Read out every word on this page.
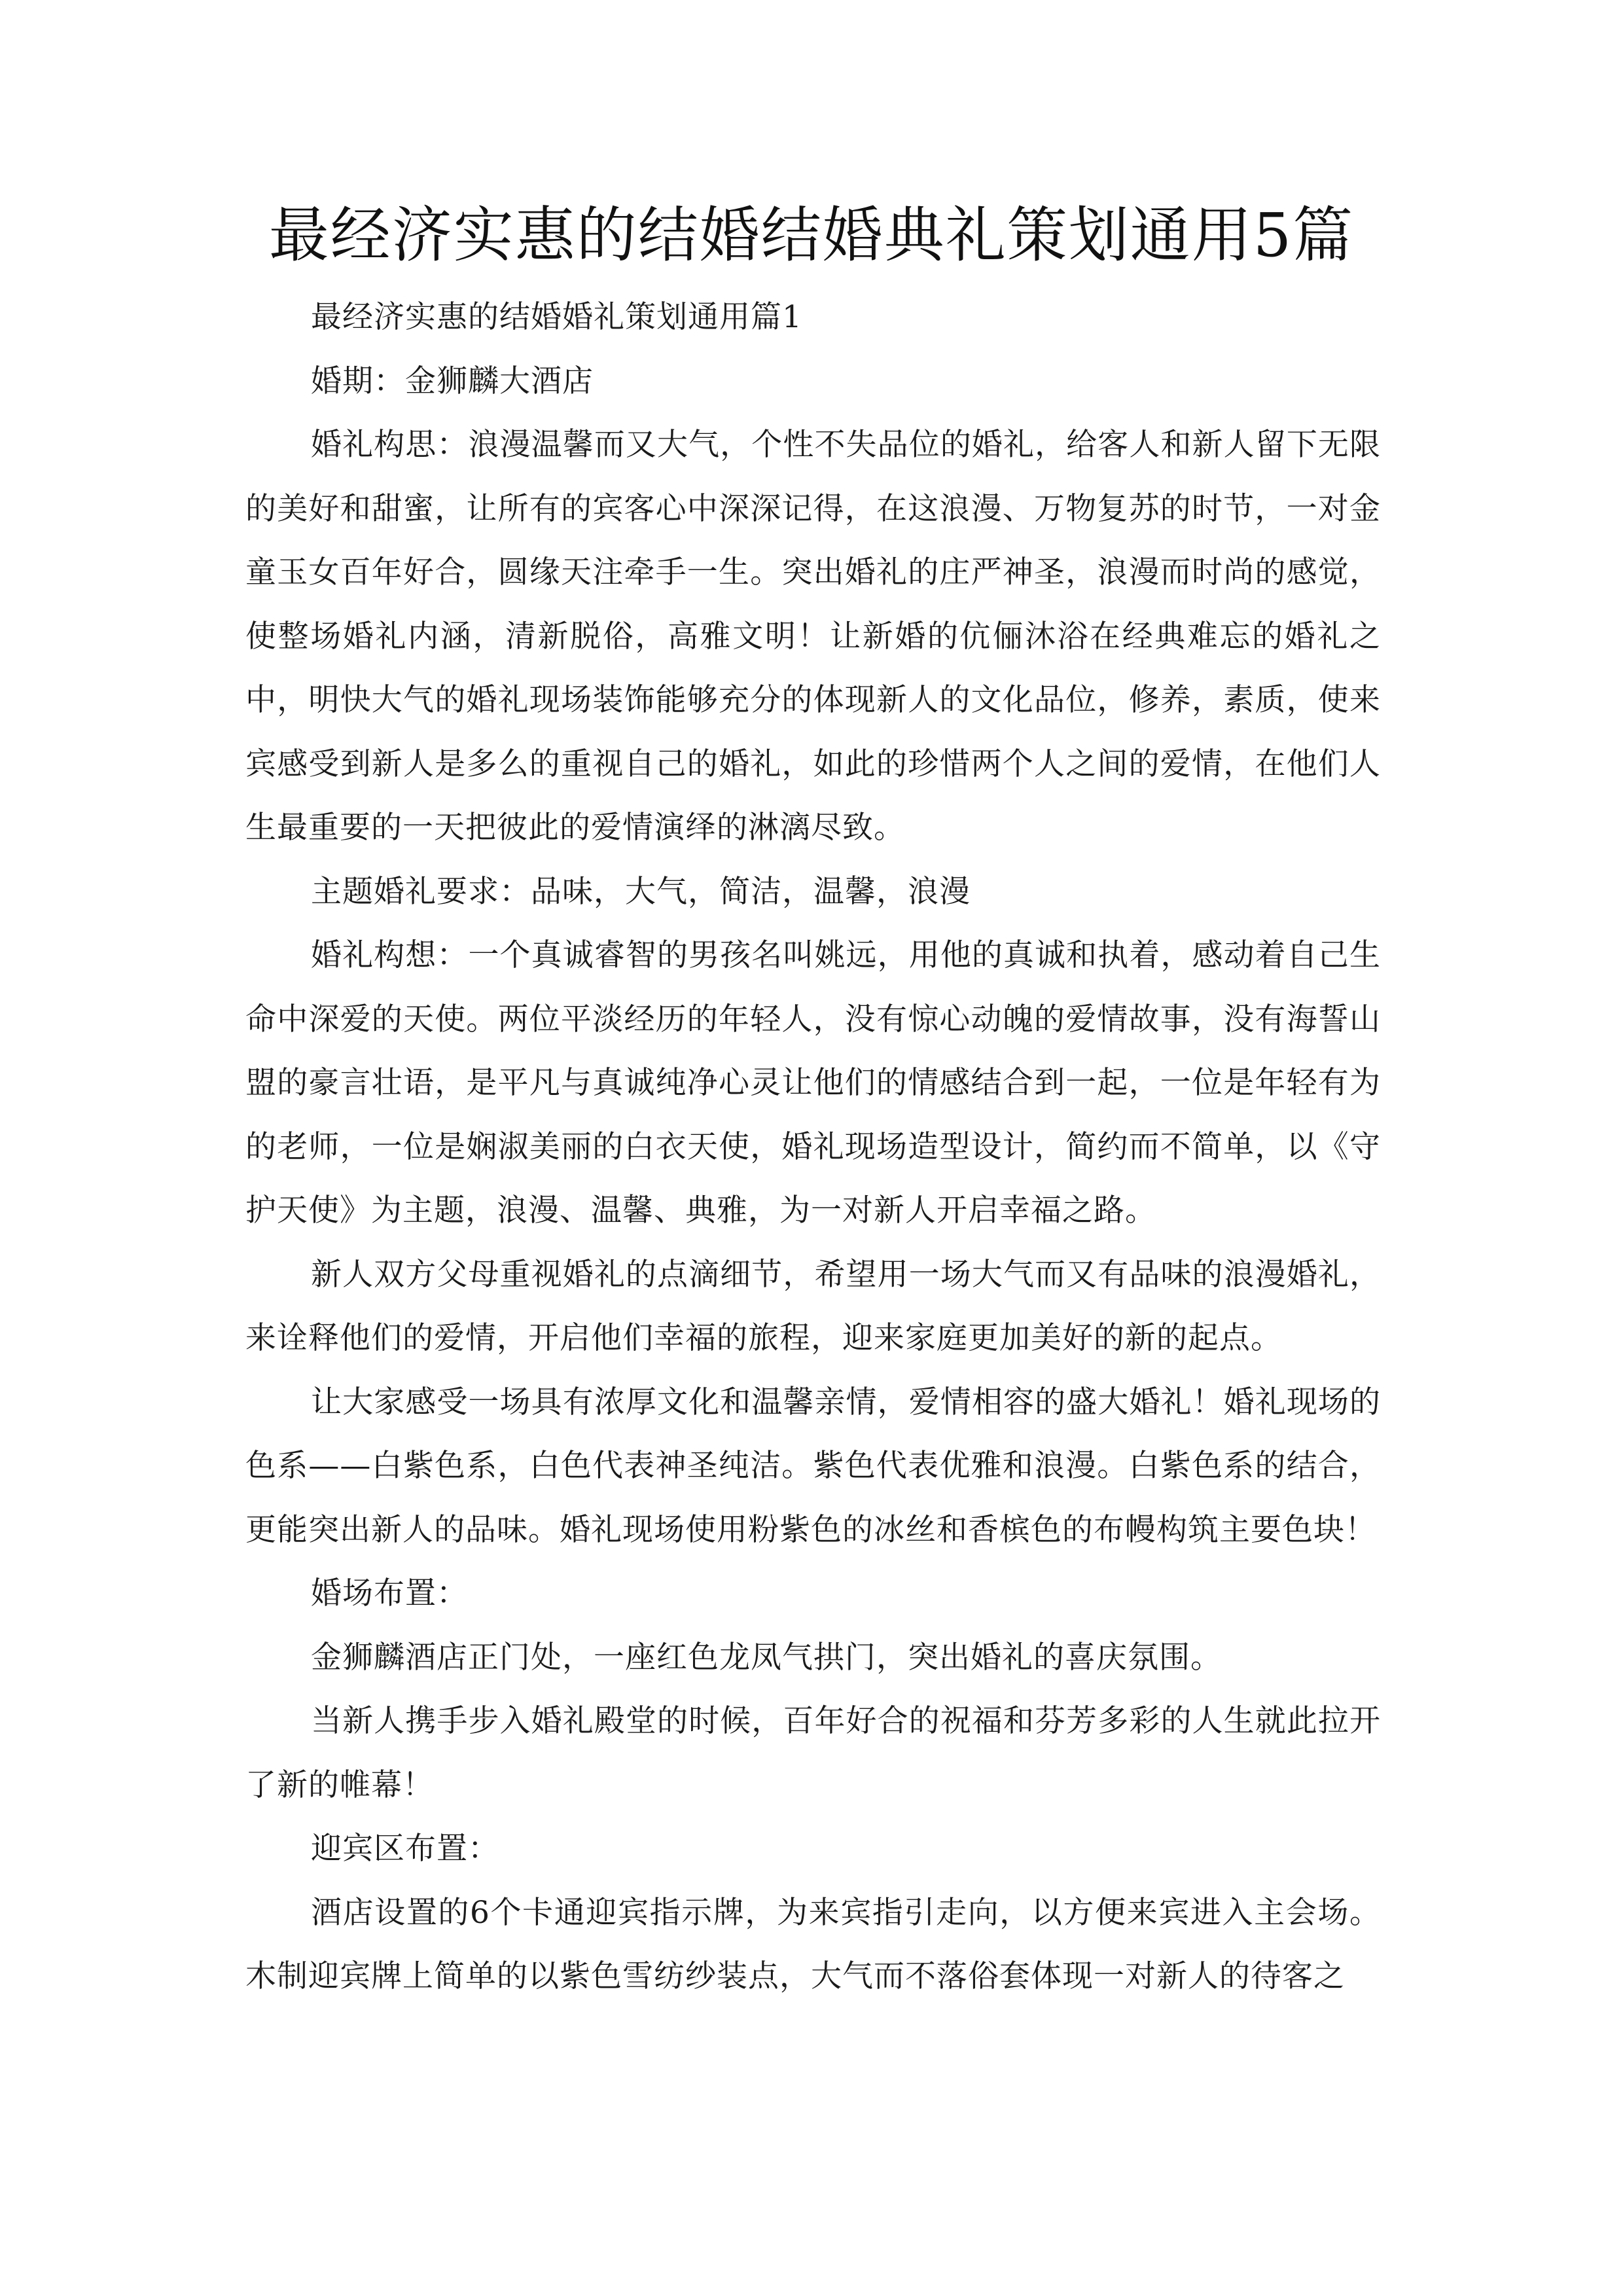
最经济实惠的结婚结婚典礼策划通用5篇

最经济实惠的结婚婚礼策划通用篇1

婚期：金狮麟大酒店

婚礼构思：浪漫温馨而又大气，个性不失品位的婚礼，给客人和新人留下无限的美好和甜蜜，让所有的宾客心中深深记得，在这浪漫、万物复苏的时节，一对金童玉女百年好合，圆缘天注牵手一生。突出婚礼的庄严神圣，浪漫而时尚的感觉，使整场婚礼内涵，清新脱俗，高雅文明！让新婚的伉俪沐浴在经典难忘的婚礼之中，明快大气的婚礼现场装饰能够充分的体现新人的文化品位，修养，素质，使来宾感受到新人是多么的重视自己的婚礼，如此的珍惜两个人之间的爱情，在他们人生最重要的一天把彼此的爱情演绎的淋漓尽致。

主题婚礼要求：品味，大气，简洁，温馨，浪漫

婚礼构想：一个真诚睿智的男孩名叫姚远，用他的真诚和执着，感动着自己生命中深爱的天使。两位平淡经历的年轻人，没有惊心动魄的爱情故事，没有海誓山盟的豪言壮语，是平凡与真诚纯净心灵让他们的情感结合到一起，一位是年轻有为的老师，一位是娴淑美丽的白衣天使，婚礼现场造型设计，简约而不简单，以《守护天使》为主题，浪漫、温馨、典雅，为一对新人开启幸福之路。

新人双方父母重视婚礼的点滴细节，希望用一场大气而又有品味的浪漫婚礼，来诠释他们的爱情，开启他们幸福的旅程，迎来家庭更加美好的新的起点。

让大家感受一场具有浓厚文化和温馨亲情，爱情相容的盛大婚礼！婚礼现场的色系——白紫色系，白色代表神圣纯洁。紫色代表优雅和浪漫。白紫色系的结合，更能突出新人的品味。婚礼现场使用粉紫色的冰丝和香槟色的布幔构筑主要色块！

婚场布置：

金狮麟酒店正门处，一座红色龙凤气拱门，突出婚礼的喜庆氛围。

当新人携手步入婚礼殿堂的时候，百年好合的祝福和芬芳多彩的人生就此拉开了新的帷幕！

迎宾区布置：

酒店设置的6个卡通迎宾指示牌，为来宾指引走向，以方便来宾进入主会场。木制迎宾牌上简单的以紫色雪纺纱装点，大气而不落俗套体现一对新人的待客之
